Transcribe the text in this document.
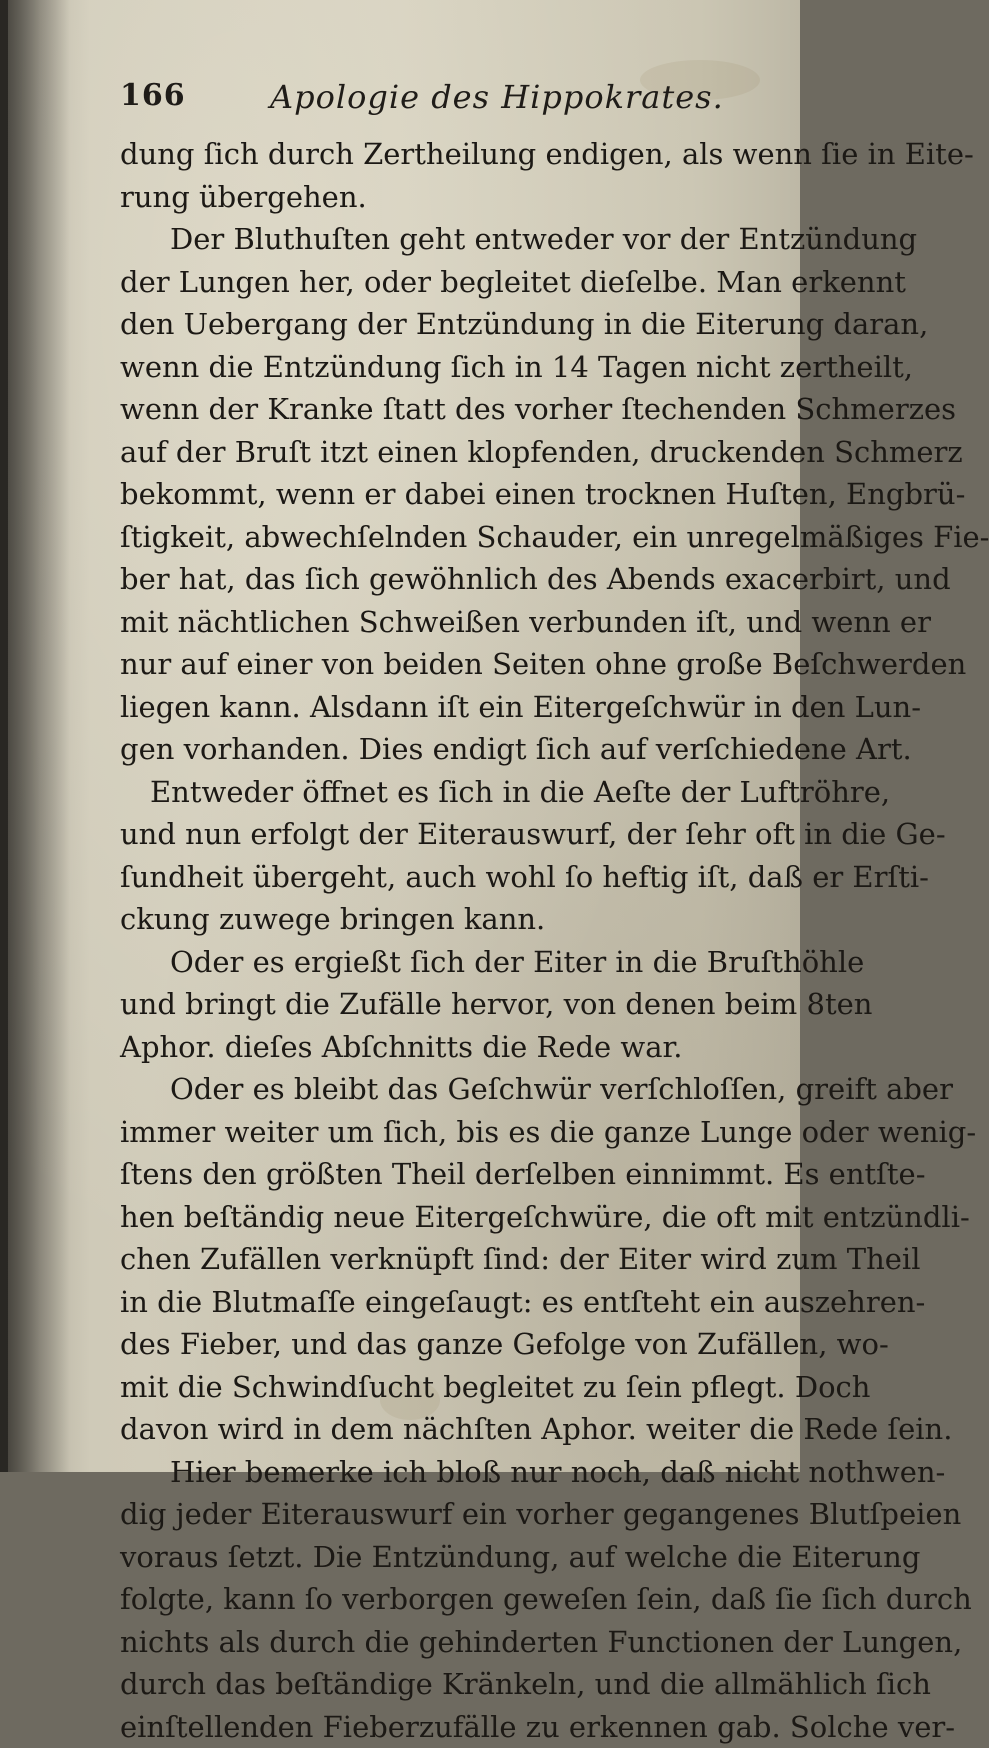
166	Apologie des Hippokrates.
dung ſich durch Zertheilung endigen, als wenn ſie in Eite-
rung übergehen.
Der Bluthuſten geht entweder vor der Entzündung
der Lungen her, oder begleitet dieſelbe. Man erkennt
den Uebergang der Entzündung in die Eiterung daran,
wenn die Entzündung ſich in 14 Tagen nicht zertheilt,
wenn der Kranke ſtatt des vorher ſtechenden Schmerzes
auf der Bruſt itzt einen klopfenden, druckenden Schmerz
bekommt, wenn er dabei einen trocknen Huſten, Engbrü-
ſtigkeit, abwechſelnden Schauder, ein unregelmäßiges Fie-
ber hat, das ſich gewöhnlich des Abends exacerbirt, und
mit nächtlichen Schweißen verbunden iſt, und wenn er
nur auf einer von beiden Seiten ohne große Beſchwerden
liegen kann. Alsdann iſt ein Eitergeſchwür in den Lun-
gen vorhanden. Dies endigt ſich auf verſchiedene Art.
Entweder öffnet es ſich in die Aeſte der Luftröhre,
und nun erfolgt der Eiterauswurf, der ſehr oft in die Ge-
ſundheit übergeht, auch wohl ſo heftig iſt, daß er Erſti-
ckung zuwege bringen kann.
Oder es ergießt ſich der Eiter in die Bruſthöhle
und bringt die Zufälle hervor, von denen beim 8ten
Aphor. dieſes Abſchnitts die Rede war.
Oder es bleibt das Geſchwür verſchloſſen, greift aber
immer weiter um ſich, bis es die ganze Lunge oder wenig-
ſtens den größten Theil derſelben einnimmt. Es entſte-
hen beſtändig neue Eitergeſchwüre, die oft mit entzündli-
chen Zufällen verknüpft ſind: der Eiter wird zum Theil
in die Blutmaſſe eingeſaugt: es entſteht ein auszehren-
des Fieber, und das ganze Gefolge von Zufällen, wo-
mit die Schwindſucht begleitet zu ſein pflegt. Doch
davon wird in dem nächſten Aphor. weiter die Rede ſein.
Hier bemerke ich bloß nur noch, daß nicht nothwen-
dig jeder Eiterauswurf ein vorher gegangenes Blutſpeien
voraus ſetzt. Die Entzündung, auf welche die Eiterung
folgte, kann ſo verborgen geweſen ſein, daß ſie ſich durch
nichts als durch die gehinderten Functionen der Lungen,
durch das beſtändige Kränkeln, und die allmählich ſich
einſtellenden Fieberzufälle zu erkennen gab. Solche ver-
